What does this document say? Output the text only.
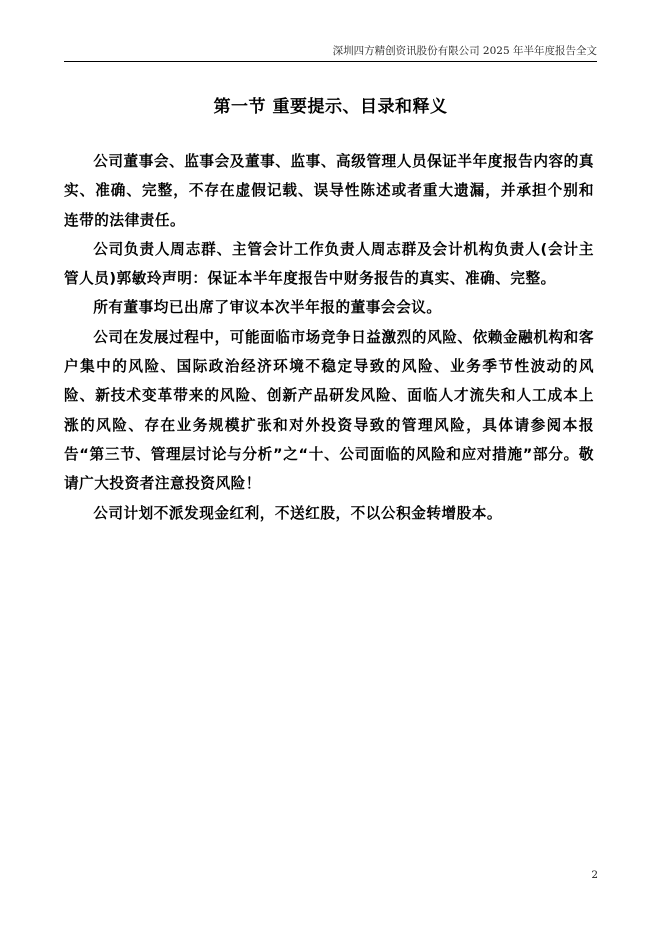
深圳四方精创资讯股份有限公司 2025 年半年度报告全文
第一节 重要提示、目录和释义

公司董事会、监事会及董事、监事、高级管理人员保证半年度报告内容的真实、准确、完整，不存在虚假记载、误导性陈述或者重大遗漏，并承担个别和连带的法律责任。

公司负责人周志群、主管会计工作负责人周志群及会计机构负责人(会计主管人员)郭敏玲声明：保证本半年度报告中财务报告的真实、准确、完整。

所有董事均已出席了审议本次半年报的董事会会议。

公司在发展过程中，可能面临市场竞争日益激烈的风险、依赖金融机构和客户集中的风险、国际政治经济环境不稳定导致的风险、业务季节性波动的风险、新技术变革带来的风险、创新产品研发风险、面临人才流失和人工成本上涨的风险、存在业务规模扩张和对外投资导致的管理风险，具体请参阅本报告“第三节、管理层讨论与分析”之“十、公司面临的风险和应对措施”部分。敬请广大投资者注意投资风险！

公司计划不派发现金红利，不送红股，不以公积金转增股本。

2
